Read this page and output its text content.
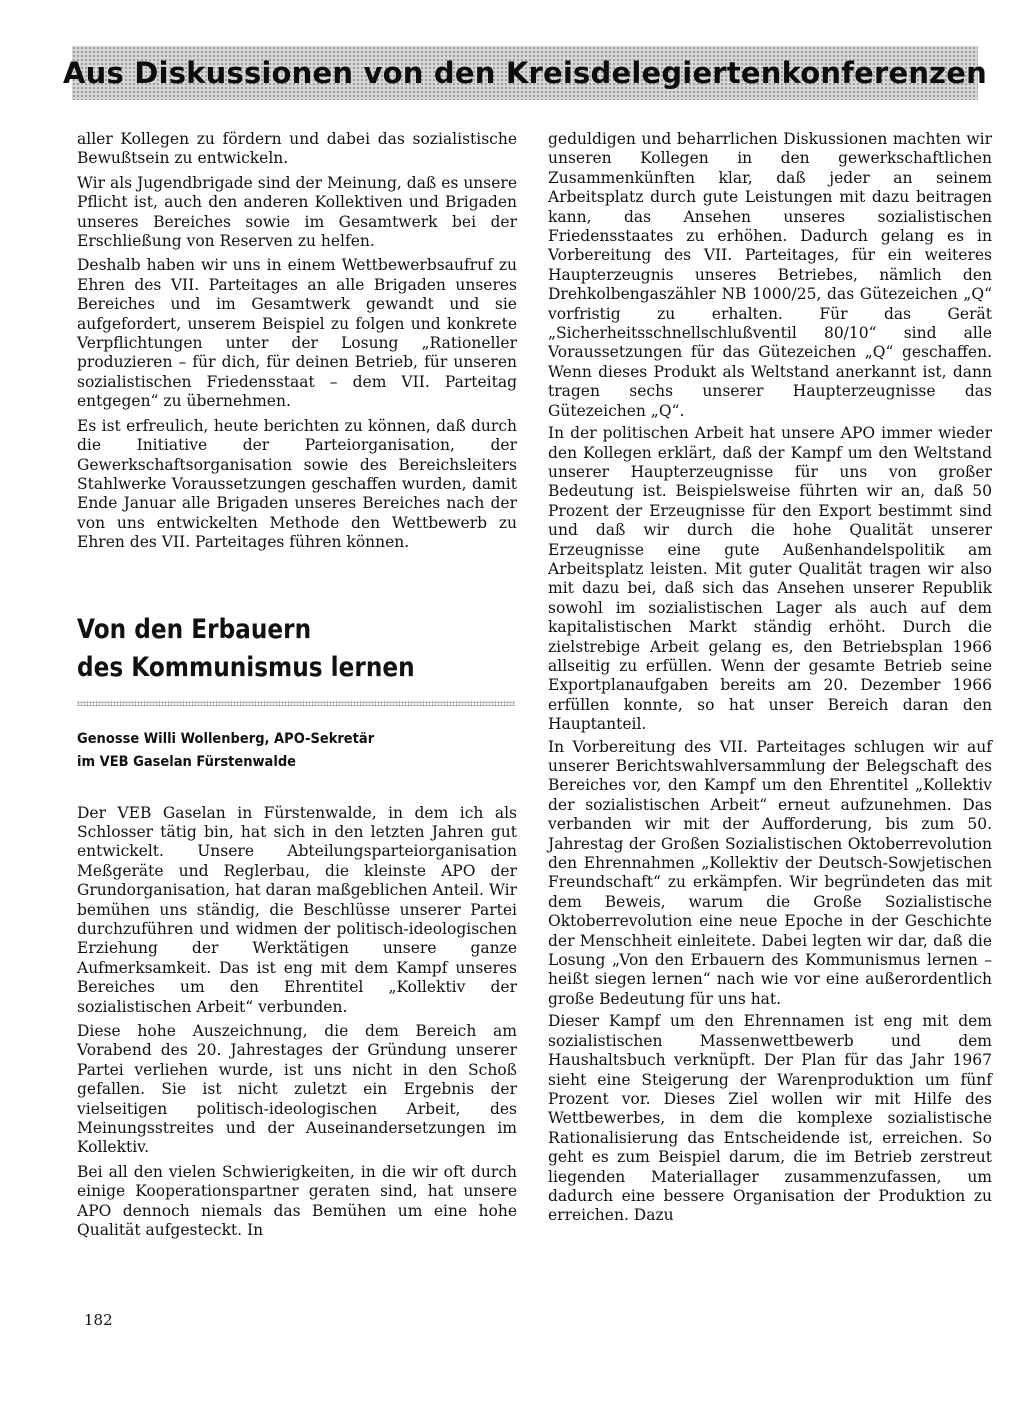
Aus Diskussionen von den Kreisdelegiertenkonferenzen

aller Kollegen zu fördern und dabei das sozialistische Bewußtsein zu entwickeln.

Wir als Jugendbrigade sind der Meinung, daß es unsere Pflicht ist, auch den anderen Kollektiven und Brigaden unseres Bereiches sowie im Gesamtwerk bei der Erschließung von Reserven zu helfen.

Deshalb haben wir uns in einem Wettbewerbsaufruf zu Ehren des VII. Parteitages an alle Brigaden unseres Bereiches und im Gesamtwerk gewandt und sie aufgefordert, unserem Beispiel zu folgen und konkrete Verpflichtungen unter der Losung „Rationeller produzieren – für dich, für deinen Betrieb, für unseren sozialistischen Friedensstaat – dem VII. Parteitag entgegen“ zu übernehmen.

Es ist erfreulich, heute berichten zu können, daß durch die Initiative der Parteiorganisation, der Gewerkschaftsorganisation sowie des Bereichsleiters Stahlwerke Voraussetzungen geschaffen wurden, damit Ende Januar alle Brigaden unseres Bereiches nach der von uns entwickelten Methode den Wettbewerb zu Ehren des VII. Parteitages führen können.

Von den Erbauern
des Kommunismus lernen
Genosse Willi Wollenberg, APO-Sekretär
im VEB Gaselan Fürstenwalde

Der VEB Gaselan in Fürstenwalde, in dem ich als Schlosser tätig bin, hat sich in den letzten Jahren gut entwickelt. Unsere Abteilungsparteiorganisation Meßgeräte und Reglerbau, die kleinste APO der Grundorganisation, hat daran maßgeblichen Anteil. Wir bemühen uns ständig, die Beschlüsse unserer Partei durchzuführen und widmen der politisch-ideologischen Erziehung der Werktätigen unsere ganze Aufmerksamkeit. Das ist eng mit dem Kampf unseres Bereiches um den Ehrentitel „Kollektiv der sozialistischen Arbeit“ verbunden.

Diese hohe Auszeichnung, die dem Bereich am Vorabend des 20. Jahrestages der Gründung unserer Partei verliehen wurde, ist uns nicht in den Schoß gefallen. Sie ist nicht zuletzt ein Ergebnis der vielseitigen politisch-ideologischen Arbeit, des Meinungsstreites und der Auseinandersetzungen im Kollektiv.

Bei all den vielen Schwierigkeiten, in die wir oft durch einige Kooperationspartner geraten sind, hat unsere APO dennoch niemals das Bemühen um eine hohe Qualität aufgesteckt. In

geduldigen und beharrlichen Diskussionen machten wir unseren Kollegen in den gewerkschaftlichen Zusammenkünften klar, daß jeder an seinem Arbeitsplatz durch gute Leistungen mit dazu beitragen kann, das Ansehen unseres sozialistischen Friedensstaates zu erhöhen. Dadurch gelang es in Vorbereitung des VII. Parteitages, für ein weiteres Haupterzeugnis unseres Betriebes, nämlich den Drehkolbengaszähler NB 1000/25, das Gütezeichen „Q“ vorfristig zu erhalten. Für das Gerät „Sicherheitsschnellschlußventil 80/10“ sind alle Voraussetzungen für das Gütezeichen „Q“ geschaffen. Wenn dieses Produkt als Weltstand anerkannt ist, dann tragen sechs unserer Haupterzeugnisse das Gütezeichen „Q“.

In der politischen Arbeit hat unsere APO immer wieder den Kollegen erklärt, daß der Kampf um den Weltstand unserer Haupterzeugnisse für uns von großer Bedeutung ist. Beispielsweise führten wir an, daß 50 Prozent der Erzeugnisse für den Export bestimmt sind und daß wir durch die hohe Qualität unserer Erzeugnisse eine gute Außenhandelspolitik am Arbeitsplatz leisten. Mit guter Qualität tragen wir also mit dazu bei, daß sich das Ansehen unserer Republik sowohl im sozialistischen Lager als auch auf dem kapitalistischen Markt ständig erhöht. Durch die zielstrebige Arbeit gelang es, den Betriebsplan 1966 allseitig zu erfüllen. Wenn der gesamte Betrieb seine Exportplanaufgaben bereits am 20. Dezember 1966 erfüllen konnte, so hat unser Bereich daran den Hauptanteil.

In Vorbereitung des VII. Parteitages schlugen wir auf unserer Berichtswahlversammlung der Belegschaft des Bereiches vor, den Kampf um den Ehrentitel „Kollektiv der sozialistischen Arbeit“ erneut aufzunehmen. Das verbanden wir mit der Aufforderung, bis zum 50. Jahrestag der Großen Sozialistischen Oktoberrevolution den Ehrennahmen „Kollektiv der Deutsch-Sowjetischen Freundschaft“ zu erkämpfen. Wir begründeten das mit dem Beweis, warum die Große Sozialistische Oktoberrevolution eine neue Epoche in der Geschichte der Menschheit einleitete. Dabei legten wir dar, daß die Losung „Von den Erbauern des Kommunismus lernen – heißt siegen lernen“ nach wie vor eine außerordentlich große Bedeutung für uns hat.

Dieser Kampf um den Ehrennamen ist eng mit dem sozialistischen Massenwettbewerb und dem Haushaltsbuch verknüpft. Der Plan für das Jahr 1967 sieht eine Steigerung der Warenproduktion um fünf Prozent vor. Dieses Ziel wollen wir mit Hilfe des Wettbewerbes, in dem die komplexe sozialistische Rationalisierung das Entscheidende ist, erreichen. So geht es zum Beispiel darum, die im Betrieb zerstreut liegenden Materiallager zusammenzufassen, um dadurch eine bessere Organisation der Produktion zu erreichen. Dazu

182
